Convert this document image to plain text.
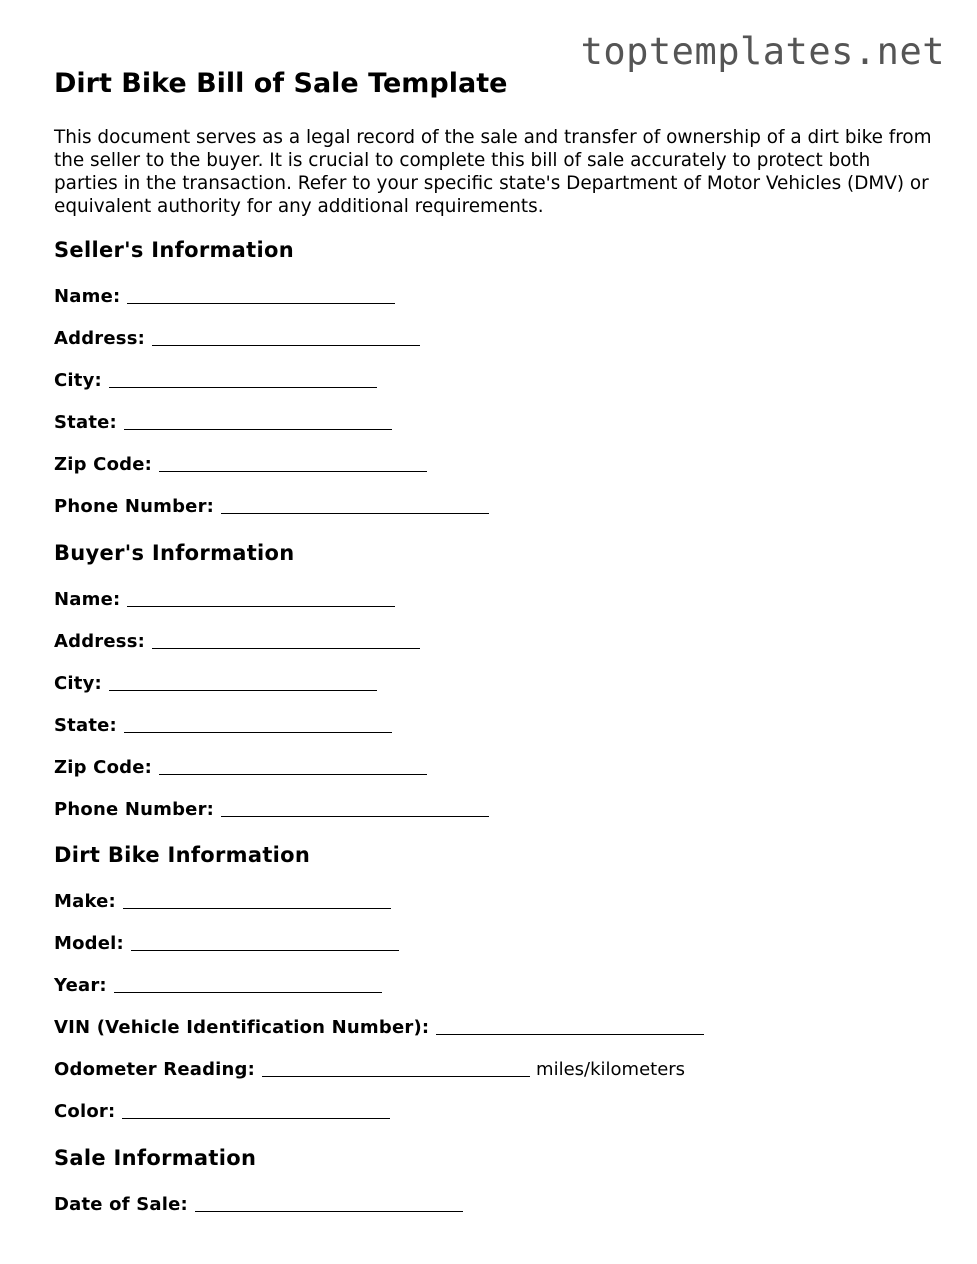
toptemplates.net
Dirt Bike Bill of Sale Template

This document serves as a legal record of the sale and transfer of ownership of a dirt bike from the seller to the buyer. It is crucial to complete this bill of sale accurately to protect both parties in the transaction. Refer to your specific state's Department of Motor Vehicles (DMV) or equivalent authority for any additional requirements.

Seller's Information
Name:
Address:
City:
State:
Zip Code:
Phone Number:
Buyer's Information
Name:
Address:
City:
State:
Zip Code:
Phone Number:
Dirt Bike Information
Make:
Model:
Year:
VIN (Vehicle Identification Number):
Odometer Reading:	miles/kilometers
Color:
Sale Information
Date of Sale:
